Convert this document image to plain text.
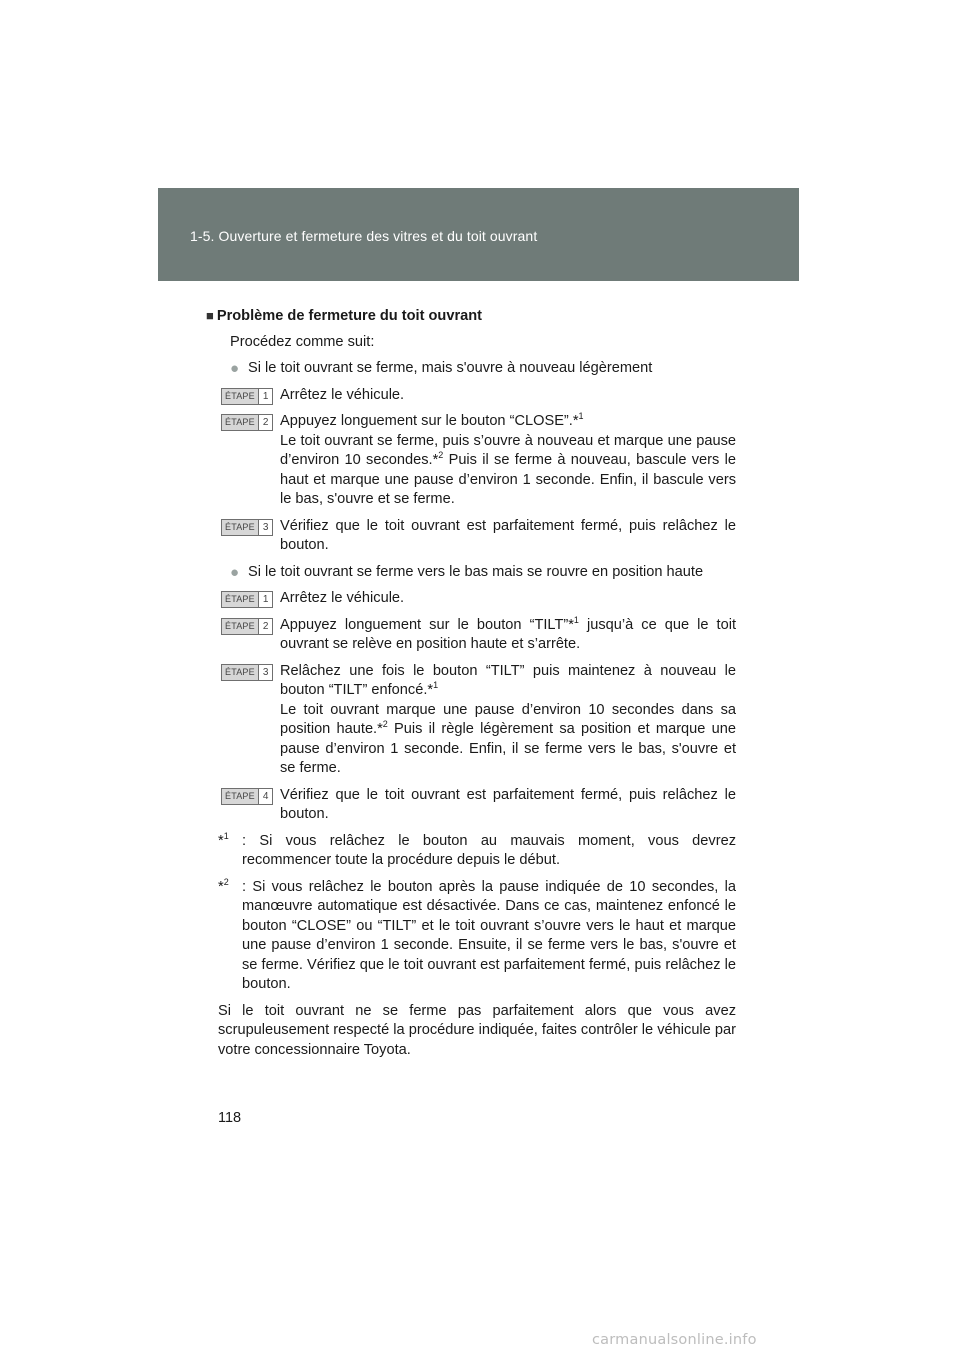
1-5. Ouverture et fermeture des vitres et du toit ouvrant
■ Problème de fermeture du toit ouvrant
Procédez comme suit:
● Si le toit ouvrant se ferme, mais s'ouvre à nouveau légèrement
ÉTAPE 1 Arrêtez le véhicule.

ÉTAPE 2 Appuyez longuement sur le bouton “CLOSE”.*$^1$

Le toit ouvrant se ferme, puis s’ouvre à nouveau et marque une pause d’environ 10 secondes.*$^2$ Puis il se ferme à nouveau, bascule vers le haut et marque une pause d’environ 1 seconde. Enfin, il bascule vers le bas, s'ouvre et se ferme.

ÉTAPE 3 Vérifiez que le toit ouvrant est parfaitement fermé, puis relâchez le bouton.

● Si le toit ouvrant se ferme vers le bas mais se rouvre en position haute
ÉTAPE 1 Arrêtez le véhicule.

ÉTAPE 2 Appuyez longuement sur le bouton “TILT”*$^1$ jusqu’à ce que le toit ouvrant se relève en position haute et s’arrête.

ÉTAPE 3 Relâchez une fois le bouton “TILT” puis maintenez à nouveau le bouton “TILT” enfoncé.*$^1$

Le toit ouvrant marque une pause d’environ 10 secondes dans sa position haute.*$^2$ Puis il règle légèrement sa position et marque une pause d’environ 1 seconde. Enfin, il se ferme vers le bas, s'ouvre et se ferme.

ÉTAPE 4 Vérifiez que le toit ouvrant est parfaitement fermé, puis relâchez le bouton.

*$^1$ : Si vous relâchez le bouton au mauvais moment, vous devrez recommencer toute la procédure depuis le début.
*$^2$ : Si vous relâchez le bouton après la pause indiquée de 10 secondes, la manœuvre automatique est désactivée. Dans ce cas, maintenez enfoncé le bouton “CLOSE” ou “TILT” et le toit ouvrant s’ouvre vers le haut et marque une pause d’environ 1 seconde. Ensuite, il se ferme vers le bas, s'ouvre et se ferme. Vérifiez que le toit ouvrant est parfaitement fermé, puis relâchez le bouton.
Si le toit ouvrant ne se ferme pas parfaitement alors que vous avez scrupuleusement respecté la procédure indiquée, faites contrôler le véhicule par votre concessionnaire Toyota.
118
carmanualsonline.info
